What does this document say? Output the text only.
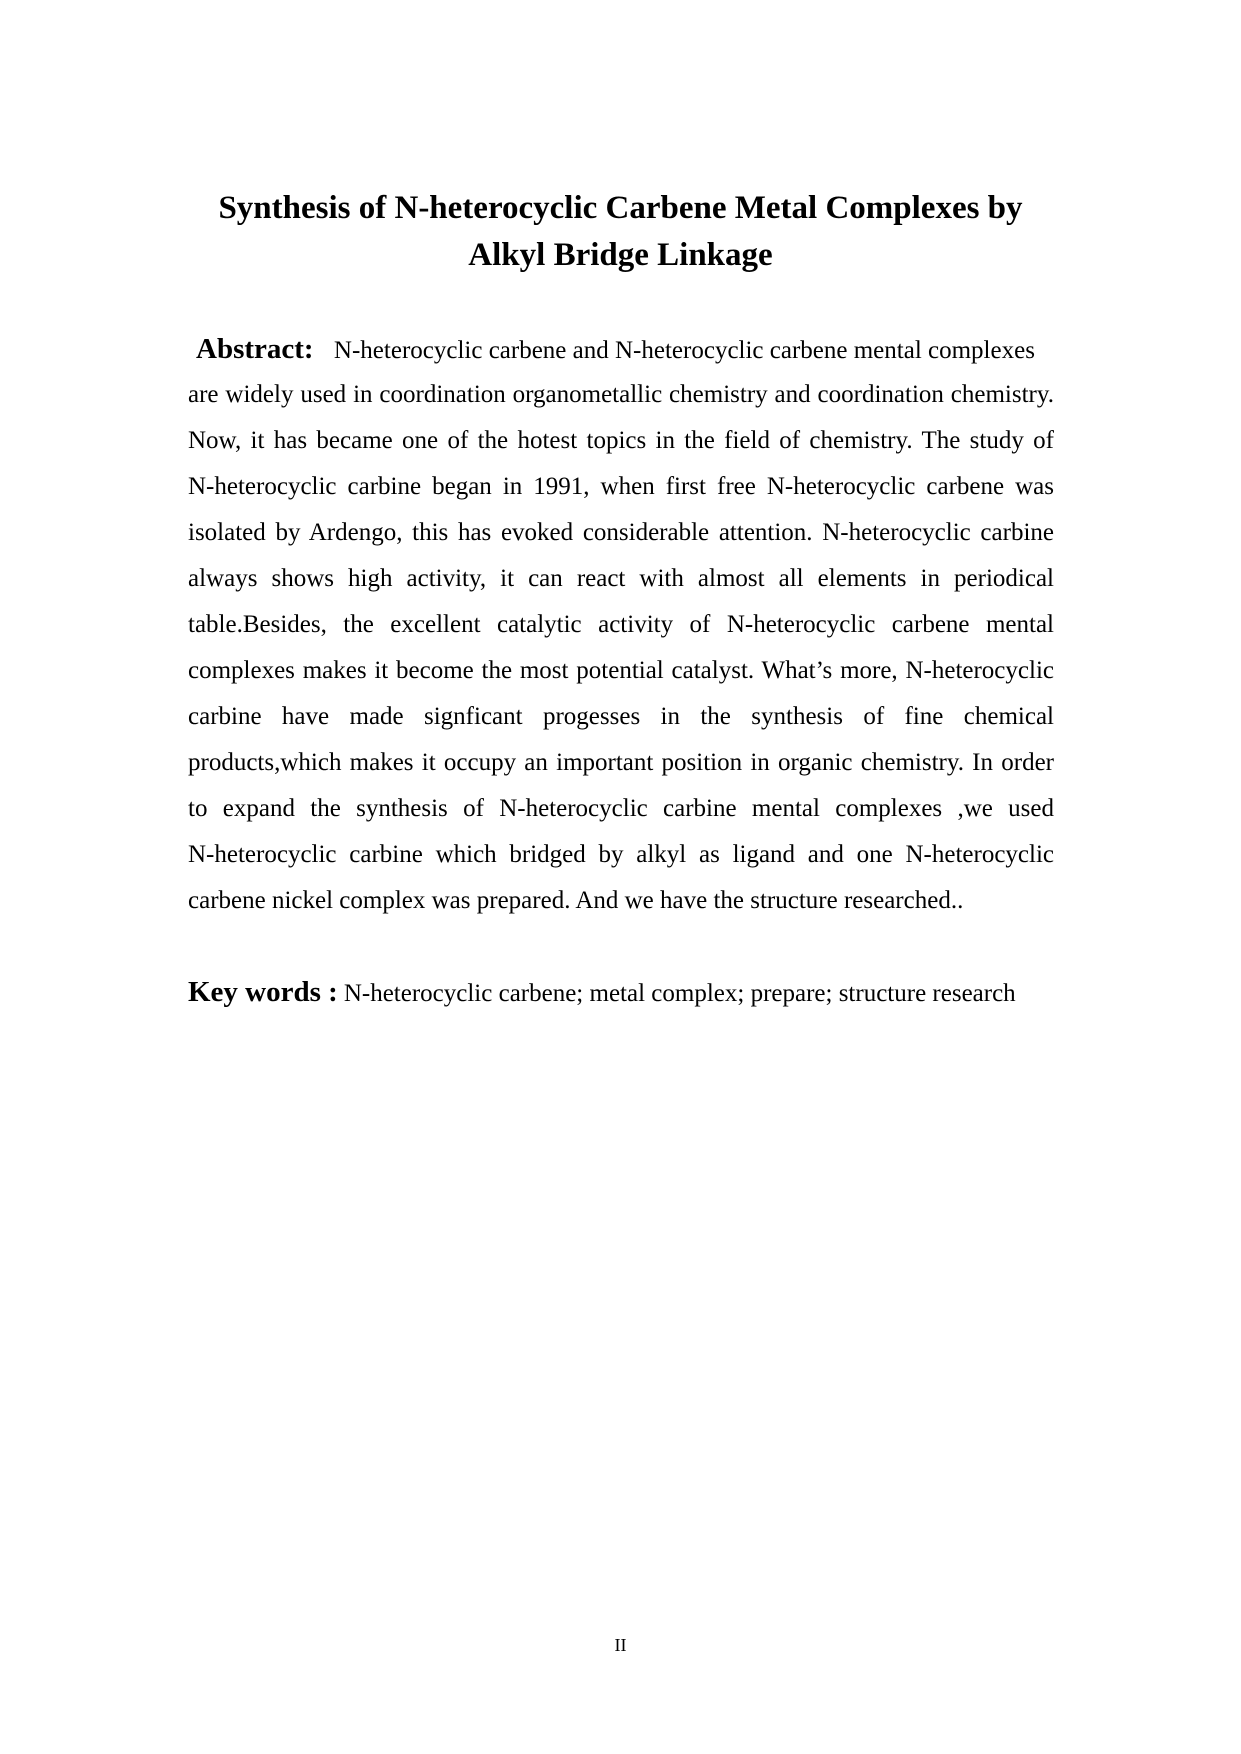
Synthesis of N-heterocyclic Carbene Metal Complexes by
Alkyl Bridge Linkage
Abstract: N-heterocyclic carbene and N-heterocyclic carbene mental complexes
are widely used in coordination organometallic chemistry and coordination chemistry.
Now, it has became one of the hotest topics in the field of chemistry. The study of
N-heterocyclic carbine began in 1991, when first free N-heterocyclic carbene was
isolated by Ardengo, this has evoked considerable attention. N-heterocyclic carbine
always shows high activity, it can react with almost all elements in periodical
table.Besides, the excellent catalytic activity of N-heterocyclic carbene mental
complexes makes it become the most potential catalyst. What’s more, N-heterocyclic
carbine have made signficant progesses in the synthesis of fine chemical
products,which makes it occupy an important position in organic chemistry. In order
to expand the synthesis of N-heterocyclic carbine mental complexes ,we used
N-heterocyclic carbine which bridged by alkyl as ligand and one N-heterocyclic
carbene nickel complex was prepared. And we have the structure researched..
Key words : N-heterocyclic carbene; metal complex; prepare; structure research
II
